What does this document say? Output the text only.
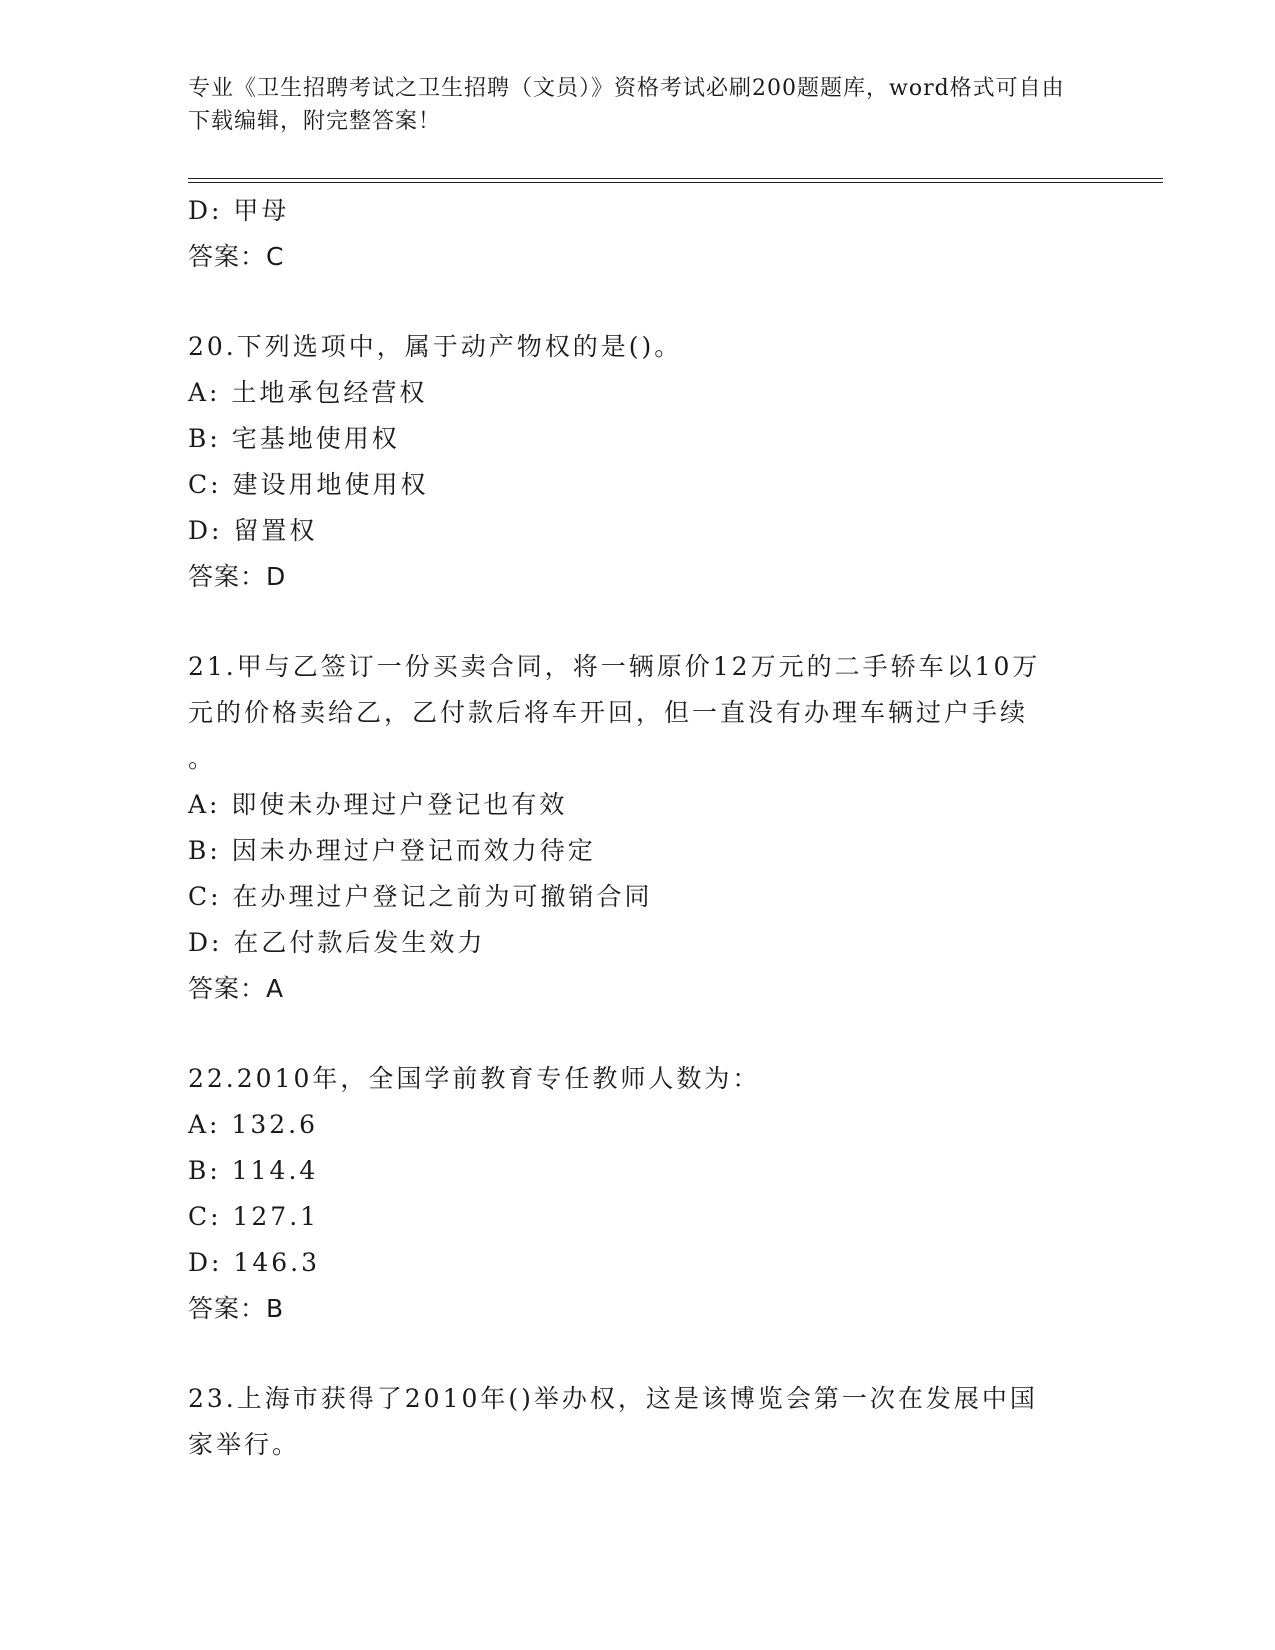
专业《卫生招聘考试之卫生招聘（文员）》资格考试必刷200题题库，word格式可自由下载编辑，附完整答案！
D: 甲母
答案：C
20.下列选项中，属于动产物权的是()。
A: 土地承包经营权
B: 宅基地使用权
C: 建设用地使用权
D: 留置权
答案：D
21.甲与乙签订一份买卖合同，将一辆原价12万元的二手轿车以10万
元的价格卖给乙，乙付款后将车开回，但一直没有办理车辆过户手续
。
A: 即使未办理过户登记也有效
B: 因未办理过户登记而效力待定
C: 在办理过户登记之前为可撤销合同
D: 在乙付款后发生效力
答案：A
22.2010年，全国学前教育专任教师人数为：
A: 132.6
B: 114.4
C: 127.1
D: 146.3
答案：B
23.上海市获得了2010年()举办权，这是该博览会第一次在发展中国
家举行。
